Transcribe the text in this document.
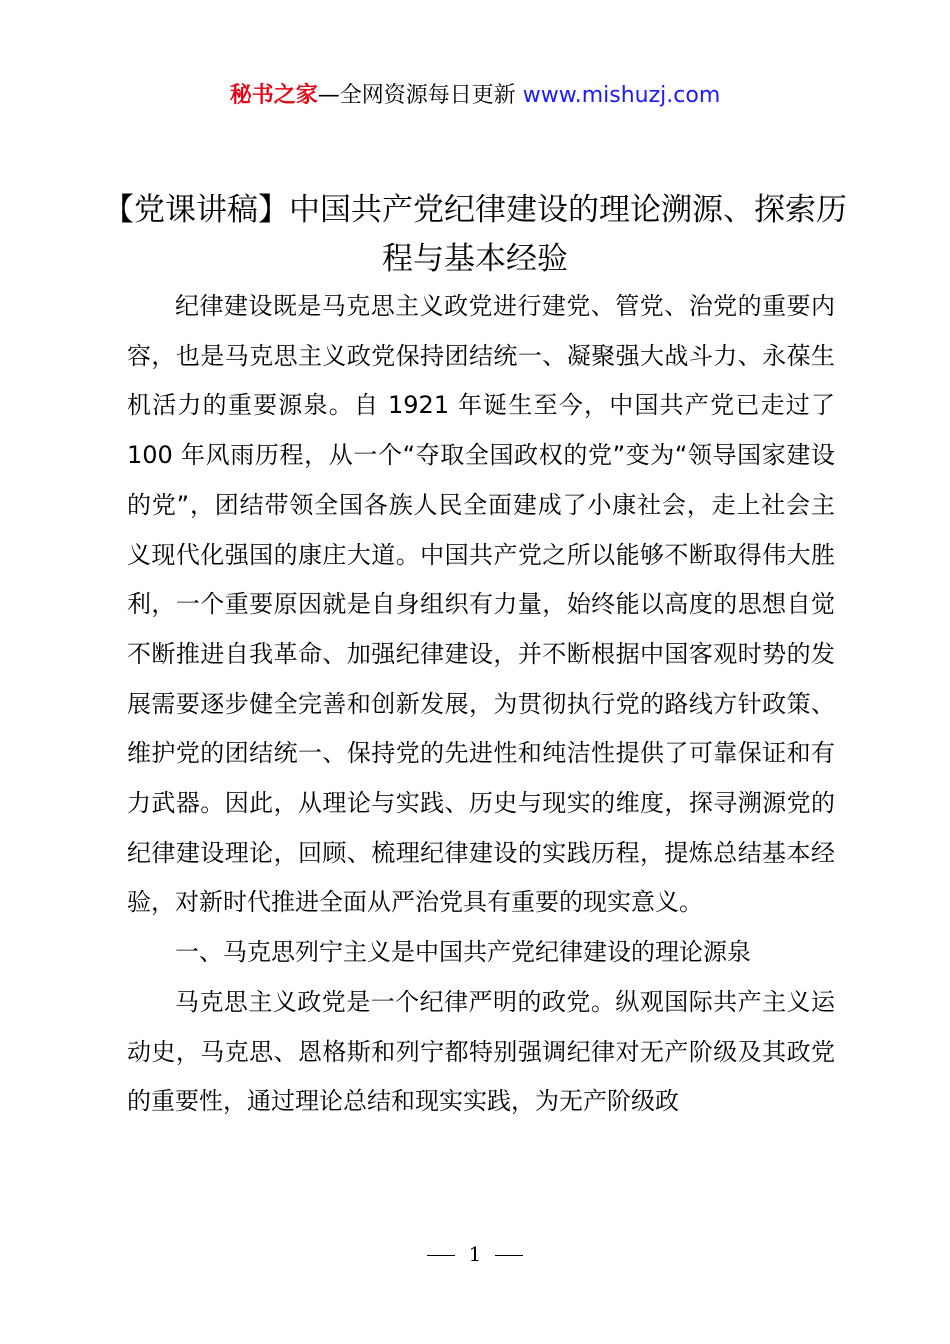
秘书之家—全网资源每日更新 www.mishuzj.com
【党课讲稿】中国共产党纪律建设的理论溯源、探索历程与基本经验

纪律建设既是马克思主义政党进行建党、管党、治党的重要内容，也是马克思主义政党保持团结统一、凝聚强大战斗力、永葆生机活力的重要源泉。自 1921 年诞生至今，中国共产党已走过了 100 年风雨历程，从一个“夺取全国政权的党”变为“领导国家建设的党”，团结带领全国各族人民全面建成了小康社会，走上社会主义现代化强国的康庄大道。中国共产党之所以能够不断取得伟大胜利，一个重要原因就是自身组织有力量，始终能以高度的思想自觉不断推进自我革命、加强纪律建设，并不断根据中国客观时势的发展需要逐步健全完善和创新发展，为贯彻执行党的路线方针政策、维护党的团结统一、保持党的先进性和纯洁性提供了可靠保证和有力武器。因此，从理论与实践、历史与现实的维度，探寻溯源党的纪律建设理论，回顾、梳理纪律建设的实践历程，提炼总结基本经验，对新时代推进全面从严治党具有重要的现实意义。

一、马克思列宁主义是中国共产党纪律建设的理论源泉

马克思主义政党是一个纪律严明的政党。纵观国际共产主义运动史，马克思、恩格斯和列宁都特别强调纪律对无产阶级及其政党的重要性，通过理论总结和现实实践，为无产阶级政

1
